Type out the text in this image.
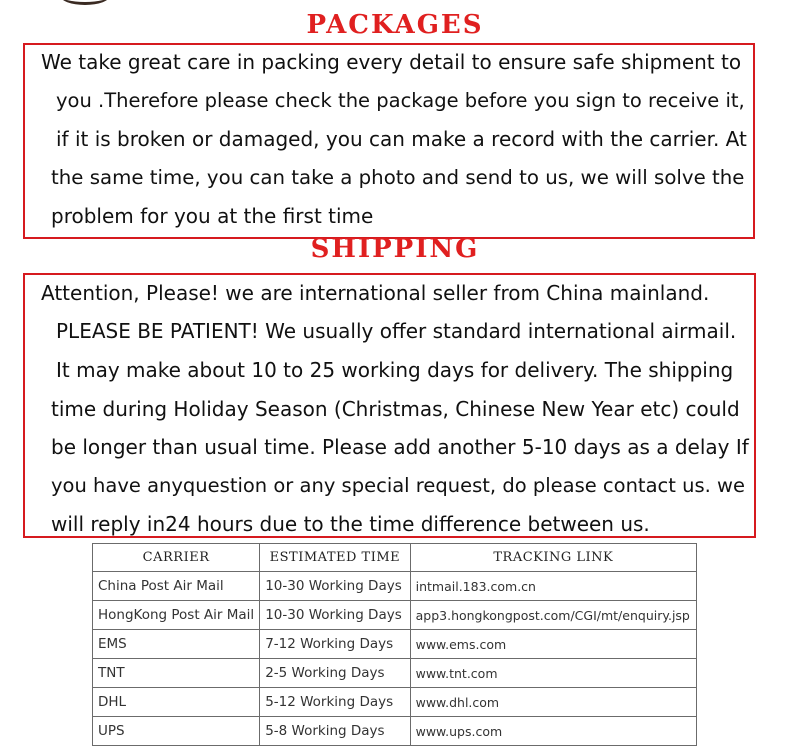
PACKAGES
We take great care in packing every detail to ensure safe shipment to
you .Therefore please check the package before you sign to receive it,
if it is broken or damaged, you can make a record with the carrier. At
the same time, you can take a photo and send to us, we will solve the
problem for you at the first time
SHIPPING
Attention, Please! we are international seller from China mainland.
PLEASE BE PATIENT! We usually offer standard international airmail.
It may make about 10 to 25 working days for delivery. The shipping
time during Holiday Season (Christmas, Chinese New Year etc) could
be longer than usual time. Please add another 5-10 days as a delay If
you have anyquestion or any special request, do please contact us. we
will reply in24 hours due to the time difference between us.
CARRIER	ESTIMATED TIME	TRACKING LINK
China Post Air Mail	10-30 Working Days	intmail.183.com.cn
HongKong Post Air Mail	10-30 Working Days	app3.hongkongpost.com/CGI/mt/enquiry.jsp
EMS	7-12 Working Days	www.ems.com
TNT	2-5 Working Days	www.tnt.com
DHL	5-12 Working Days	www.dhl.com
UPS	5-8 Working Days	www.ups.com
